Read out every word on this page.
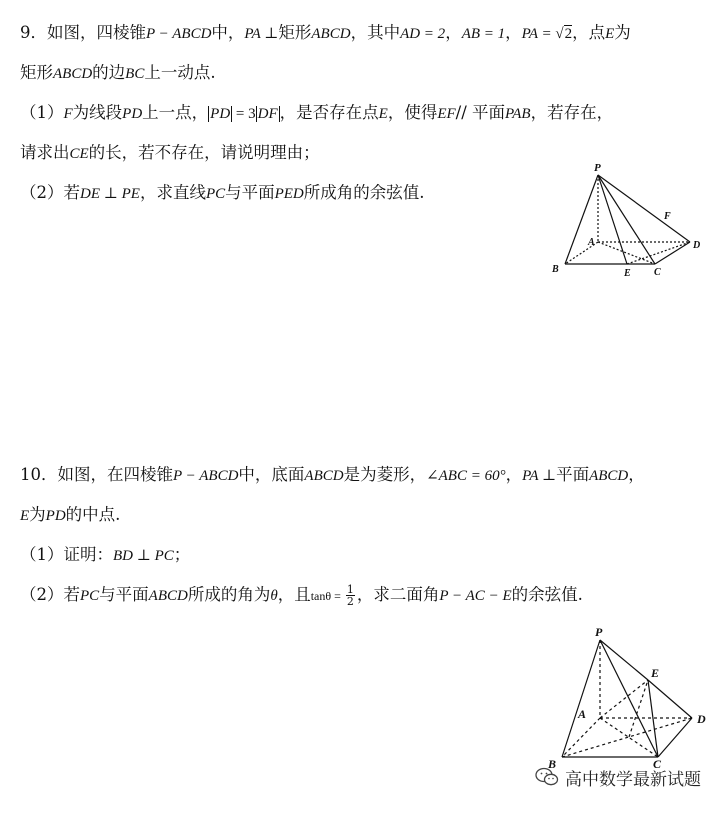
9．如图，四棱锥P − ABCD中，PA ⊥矩形ABCD，其中AD = 2，AB = 1，PA = √2，点E为
矩形ABCD的边BC上一动点.
（1）F为线段PD上一点， PD = 3 DF ，是否存在点E，使得EF// 平面PAB，若存在，
请求出CE的长，若不存在，请说明理由；
（2）若DE ⊥ PE，求直线PC与平面PED所成角的余弦值.
P
A
B	C
D
E
F
10．如图，在四棱锥P − ABCD中，底面ABCD是为菱形，∠ABC = 60°，PA ⊥平面ABCD，
E为PD的中点.
（1）证明：BD ⊥ PC；
（2）若PC与平面ABCD所成的角为θ，且$\tan\theta = \frac{1}{2}$ ，求二面角P − AC − E的余弦值.
P
A
B	C
D
E
高中数学最新试题
